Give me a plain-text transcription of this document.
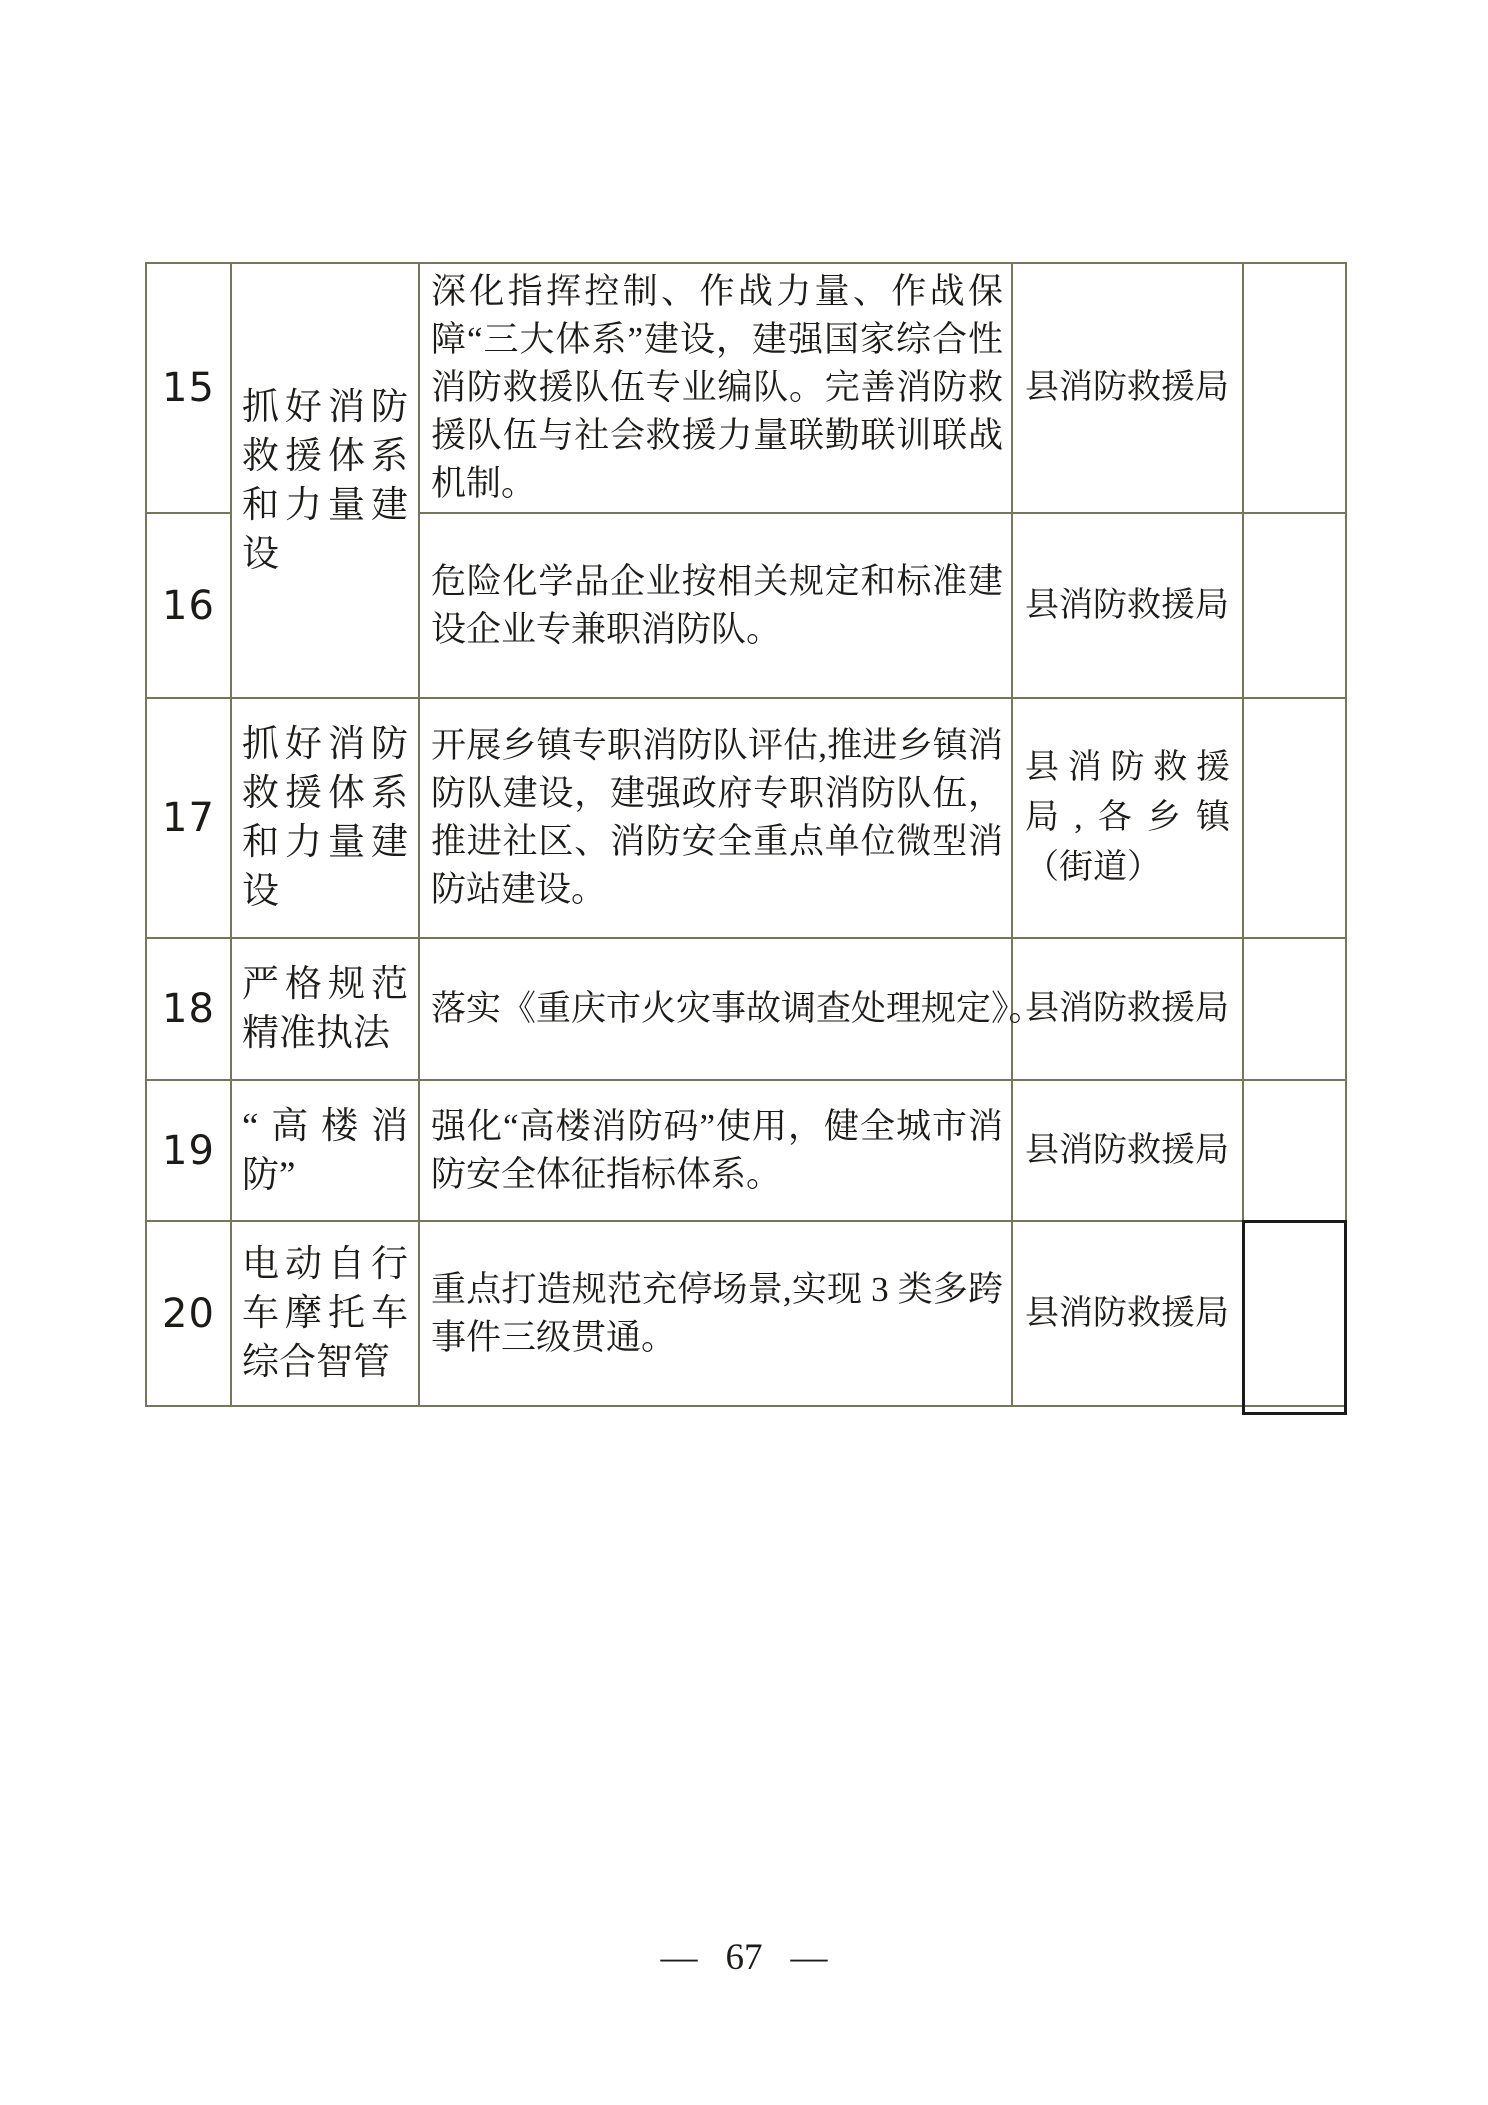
15	抓好消防救援体系和力量建设	深化指挥控制、作战力量、作战保障“三大体系”建设，建强国家综合性消防救援队伍专业编队。完善消防救援队伍与社会救援力量联勤联训联战机制。	县消防救援局	
16		危险化学品企业按相关规定和标准建设企业专兼职消防队。	县消防救援局	
17	抓好消防救援体系和力量建设	开展乡镇专职消防队评估,推进乡镇消防队建设，建强政府专职消防队伍，推进社区、消防安全重点单位微型消防站建设。	县消防救援局,各乡镇（街道）	
18	严格规范精准执法	落实《重庆市火灾事故调查处理规定》。	县消防救援局	
19	“高楼消防”	强化“高楼消防码”使用，健全城市消防安全体征指标体系。	县消防救援局	
20	电动自行车摩托车综合智管	重点打造规范充停场景,实现 3 类多跨事件三级贯通。	县消防救援局	
— 67 —
